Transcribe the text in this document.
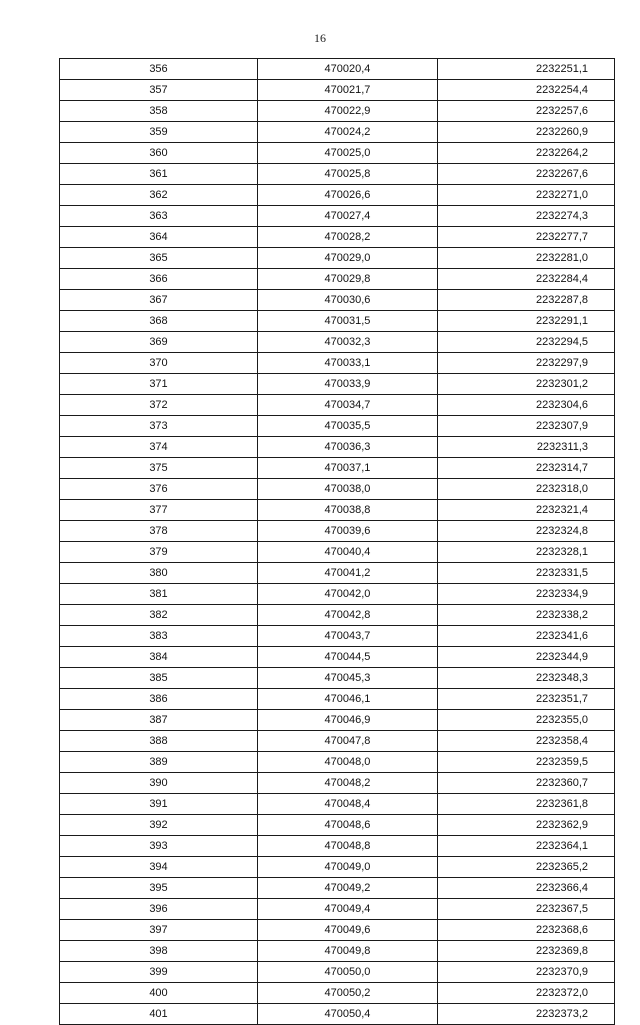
16
356	470020,4	2232251,1
357	470021,7	2232254,4
358	470022,9	2232257,6
359	470024,2	2232260,9
360	470025,0	2232264,2
361	470025,8	2232267,6
362	470026,6	2232271,0
363	470027,4	2232274,3
364	470028,2	2232277,7
365	470029,0	2232281,0
366	470029,8	2232284,4
367	470030,6	2232287,8
368	470031,5	2232291,1
369	470032,3	2232294,5
370	470033,1	2232297,9
371	470033,9	2232301,2
372	470034,7	2232304,6
373	470035,5	2232307,9
374	470036,3	2232311,3
375	470037,1	2232314,7
376	470038,0	2232318,0
377	470038,8	2232321,4
378	470039,6	2232324,8
379	470040,4	2232328,1
380	470041,2	2232331,5
381	470042,0	2232334,9
382	470042,8	2232338,2
383	470043,7	2232341,6
384	470044,5	2232344,9
385	470045,3	2232348,3
386	470046,1	2232351,7
387	470046,9	2232355,0
388	470047,8	2232358,4
389	470048,0	2232359,5
390	470048,2	2232360,7
391	470048,4	2232361,8
392	470048,6	2232362,9
393	470048,8	2232364,1
394	470049,0	2232365,2
395	470049,2	2232366,4
396	470049,4	2232367,5
397	470049,6	2232368,6
398	470049,8	2232369,8
399	470050,0	2232370,9
400	470050,2	2232372,0
401	470050,4	2232373,2
